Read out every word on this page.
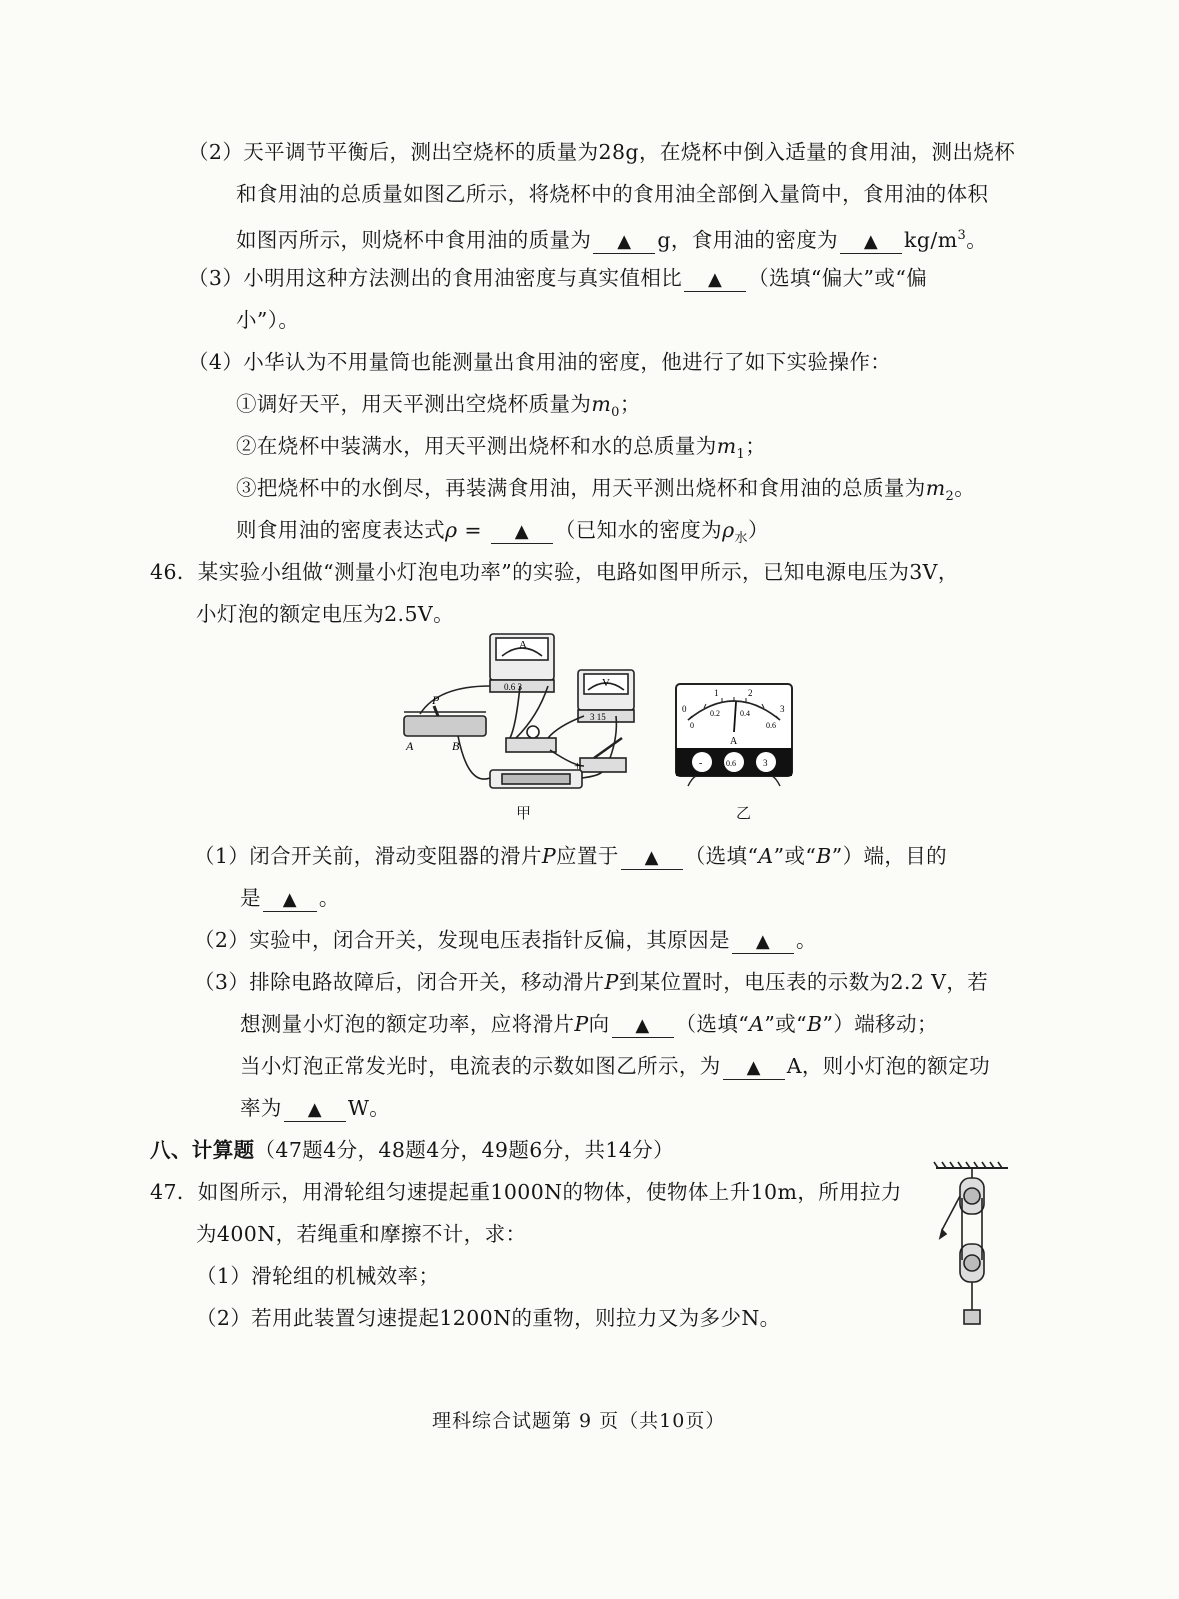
（2）天平调节平衡后，测出空烧杯的质量为28g，在烧杯中倒入适量的食用油，测出烧杯
和食用油的总质量如图乙所示，将烧杯中的食用油全部倒入量筒中，食用油的体积
如图丙所示，则烧杯中食用油的质量为 ▲ g，食用油的密度为 ▲ $kg/m^3$。
（3）小明用这种方法测出的食用油密度与真实值相比 ▲ （选填“偏大”或“偏
小”）。
（4）小华认为不用量筒也能测量出食用油的密度，他进行了如下实验操作：
①调好天平，用天平测出空烧杯质量为$m_0$；
②在烧杯中装满水，用天平测出烧杯和水的总质量为$m_1$；
③把烧杯中的水倒尽，再装满食用油，用天平测出烧杯和食用油的总质量为$m_2$。
则食用油的密度表达式ρ = ▲ （已知水的密度为$\rho_水$）
46．某实验小组做“测量小灯泡电功率”的实验，电路如图甲所示，已知电源电压为3V，
小灯泡的额定电压为2.5V。
A
0.6 3	V
3 15
P
A	B
+
甲
0
1	2
3
0
0.2	0.4
0.6
A
-	0.6	3
乙
（1）闭合开关前，滑动变阻器的滑片P应置于 ▲ （选填“A”或“B”）端，目的
是 ▲ 。
（2）实验中，闭合开关，发现电压表指针反偏，其原因是 ▲ 。
（3）排除电路故障后，闭合开关，移动滑片P到某位置时，电压表的示数为2.2 V，若
想测量小灯泡的额定功率，应将滑片P向 ▲ （选填“A”或“B”）端移动；
当小灯泡正常发光时，电流表的示数如图乙所示，为 ▲ A，则小灯泡的额定功
率为 ▲ W。
八、计算题（47题4分，48题4分，49题6分，共14分）
47．如图所示，用滑轮组匀速提起重1000N的物体，使物体上升10m，所用拉力
为400N，若绳重和摩擦不计，求：
（1）滑轮组的机械效率；
（2）若用此装置匀速提起1200N的重物，则拉力又为多少N。
理科综合试题第 9 页（共10页）
